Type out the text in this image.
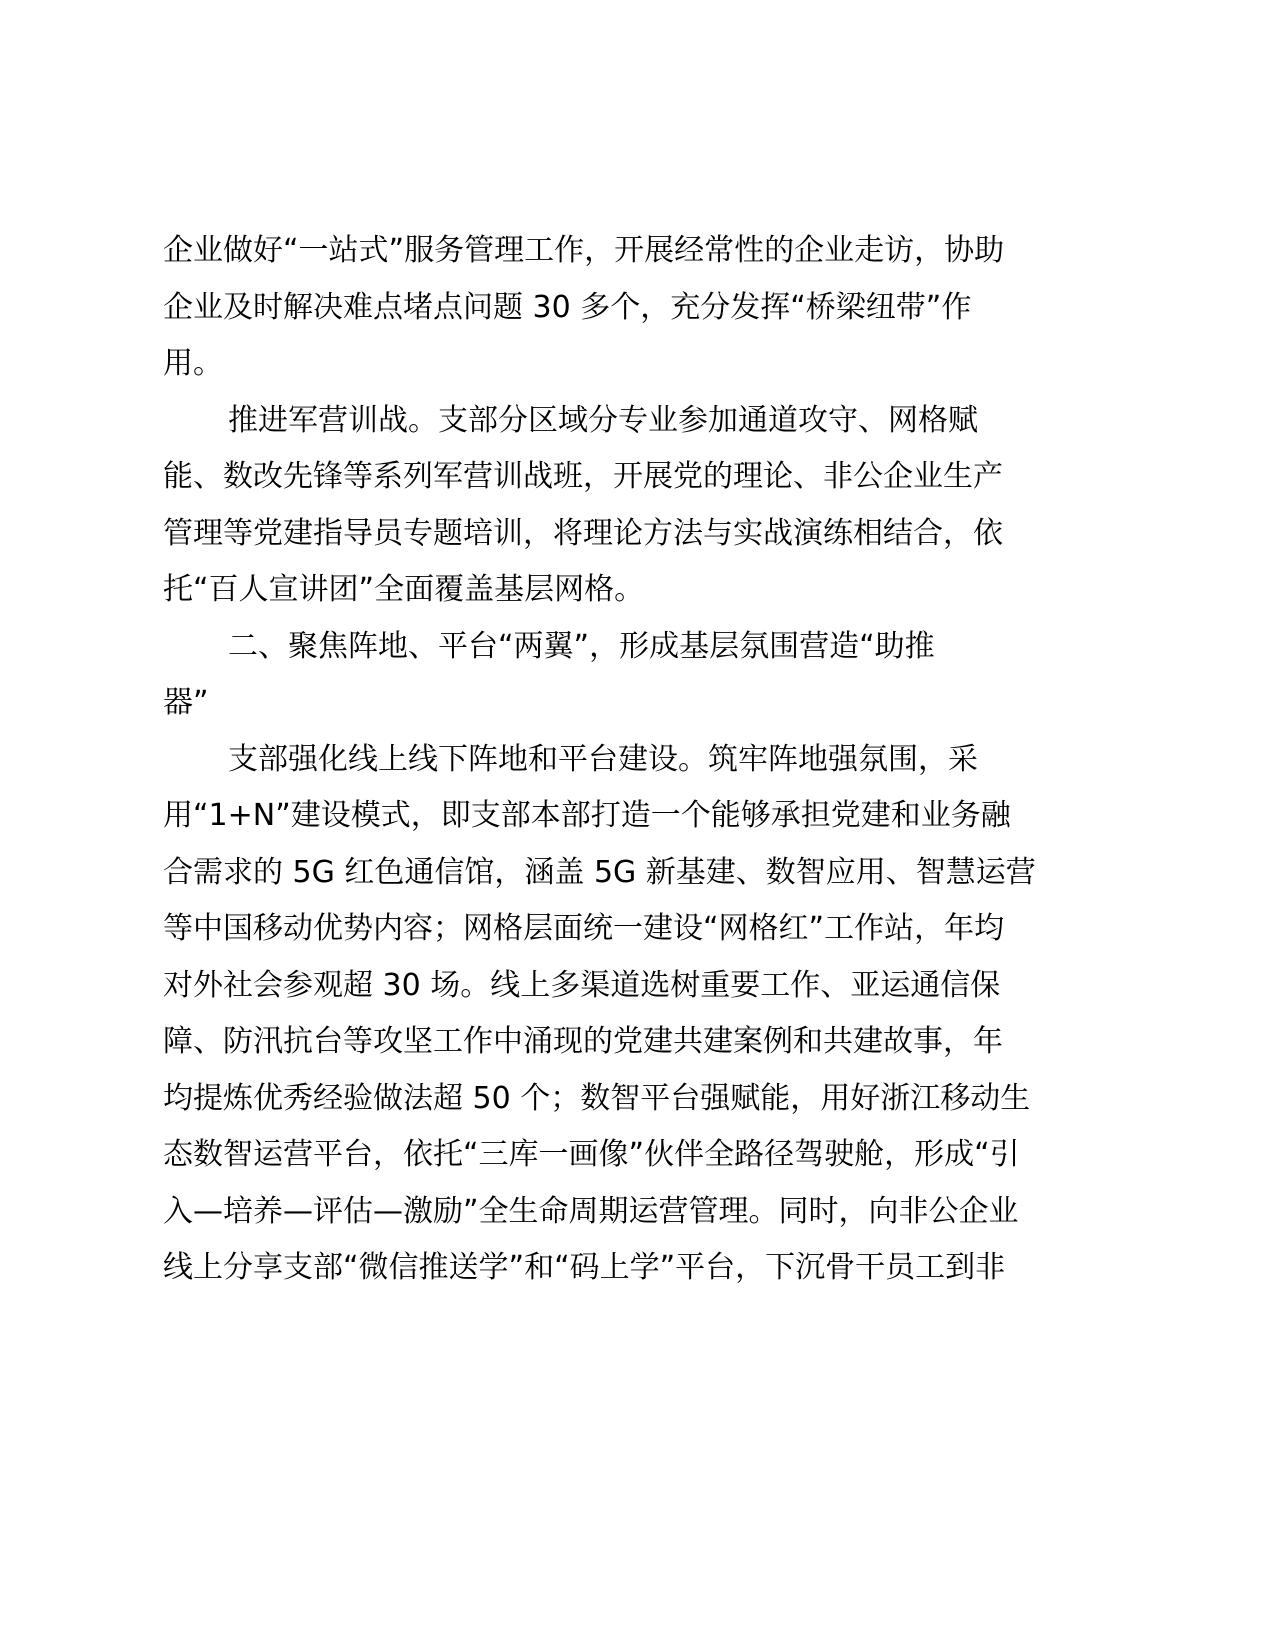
企业做好“一站式”服务管理工作，开展经常性的企业走访，协助
企业及时解决难点堵点问题 30 多个，充分发挥“桥梁纽带”作
用。
推进军营训战。支部分区域分专业参加通道攻守、网格赋
能、数改先锋等系列军营训战班，开展党的理论、非公企业生产
管理等党建指导员专题培训，将理论方法与实战演练相结合，依
托“百人宣讲团”全面覆盖基层网格。
二、聚焦阵地、平台“两翼”，形成基层氛围营造“助推
器”
支部强化线上线下阵地和平台建设。筑牢阵地强氛围，采
用“1+N”建设模式，即支部本部打造一个能够承担党建和业务融
合需求的 5G 红色通信馆，涵盖 5G 新基建、数智应用、智慧运营
等中国移动优势内容；网格层面统一建设“网格红”工作站，年均
对外社会参观超 30 场。线上多渠道选树重要工作、亚运通信保
障、防汛抗台等攻坚工作中涌现的党建共建案例和共建故事，年
均提炼优秀经验做法超 50 个；数智平台强赋能，用好浙江移动生
态数智运营平台，依托“三库一画像”伙伴全路径驾驶舱，形成“引
入—培养—评估—激励”全生命周期运营管理。同时，向非公企业
线上分享支部“微信推送学”和“码上学”平台，下沉骨干员工到非
